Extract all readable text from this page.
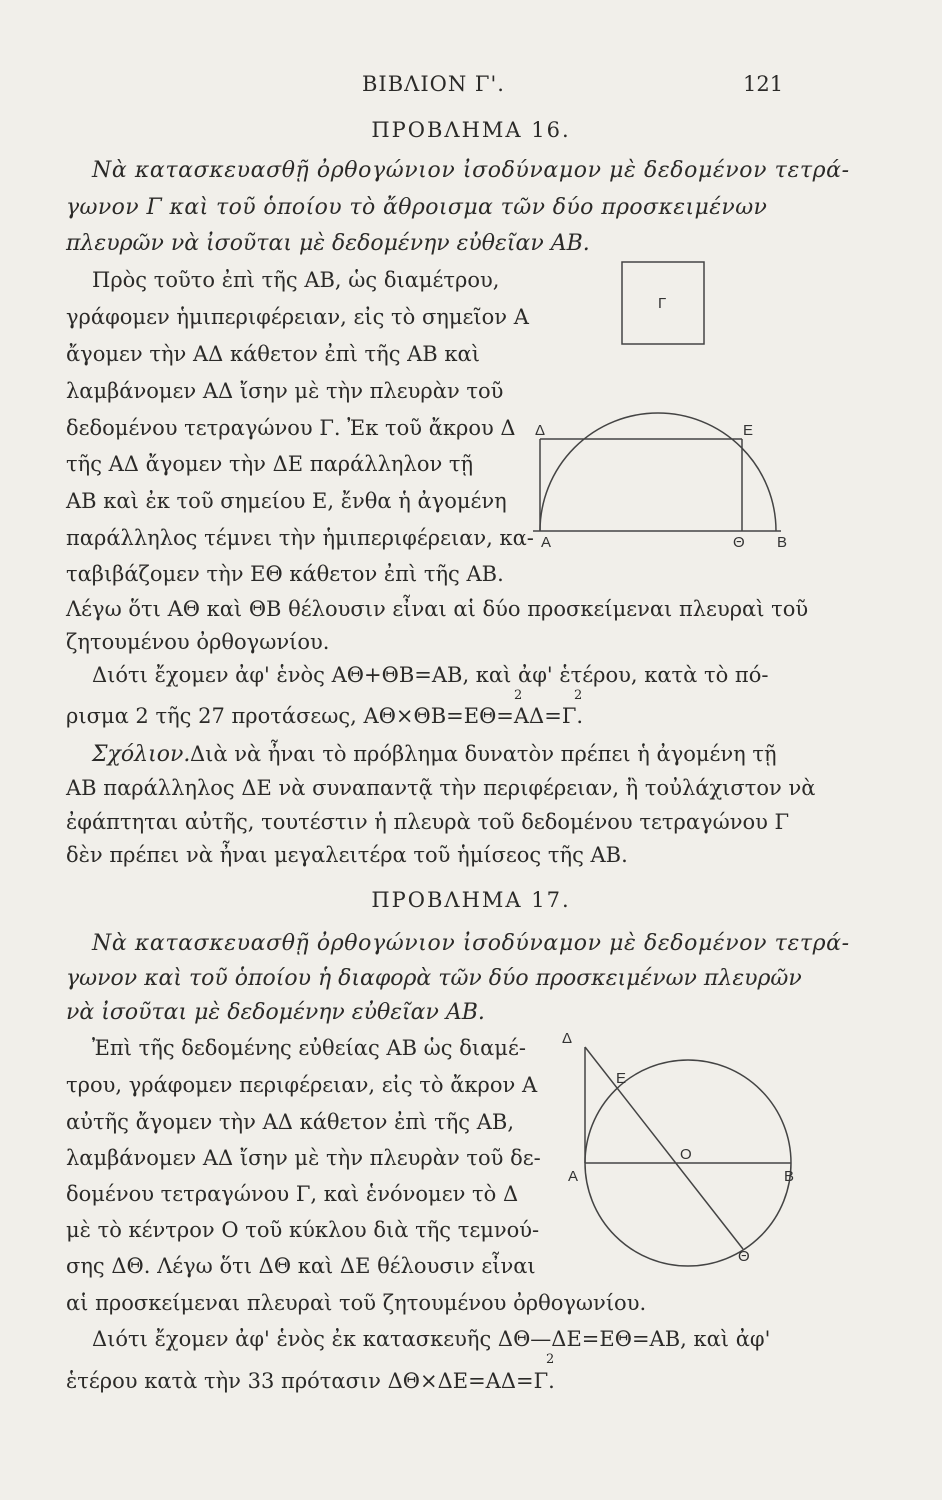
ΒΙΒΛΙΟΝ Γ'.	121
ΠΡΟΒΛΗΜΑ 16.
Νὰ κατασκευασθῇ ὀρθογώνιον ἰσοδύναμον μὲ δεδομένον τετρά-
γωνον Γ καὶ τοῦ ὁποίου τὸ ἄθροισμα τῶν δύο προσκειμένων
πλευρῶν νὰ ἰσοῦται μὲ δεδομένην εὐθεῖαν ΑΒ.
Πρὸς τοῦτο ἐπὶ τῆς ΑΒ, ὡς διαμέτρου,
γράφομεν ἡμιπεριφέρειαν, εἰς τὸ σημεῖον Α
ἄγομεν τὴν ΑΔ κάθετον ἐπὶ τῆς ΑΒ καὶ
λαμβάνομεν ΑΔ ἴσην μὲ τὴν πλευρὰν τοῦ
δεδομένου τετραγώνου Γ. Ἐκ τοῦ ἄκρου Δ
τῆς ΑΔ ἄγομεν τὴν ΔΕ παράλληλον τῇ
ΑΒ καὶ ἐκ τοῦ σημείου Ε, ἔνθα ἡ ἀγομένη
παράλληλος τέμνει τὴν ἡμιπεριφέρειαν, κα-
ταβιβάζομεν τὴν ΕΘ κάθετον ἐπὶ τῆς ΑΒ.
Λέγω ὅτι ΑΘ καὶ ΘΒ θέλουσιν εἶναι αἱ δύο προσκείμεναι πλευραὶ τοῦ
ζητουμένου ὀρθογωνίου.
Διότι ἔχομεν ἀφ' ἑνὸς ΑΘ+ΘΒ=ΑΒ, καὶ ἀφ' ἑτέρου, κατὰ τὸ πό-
2	2
ρισμα 2 τῆς 27 προτάσεως, ΑΘ×ΘΒ=ΕΘ=ΑΔ=Γ.
Σχόλιον. Διὰ νὰ ἦναι τὸ πρόβλημα δυνατὸν πρέπει ἡ ἀγομένη τῇ
ΑΒ παράλληλος ΔΕ νὰ συναπαντᾷ τὴν περιφέρειαν, ἢ τοὐλάχιστον νὰ
ἐφάπτηται αὐτῆς, τουτέστιν ἡ πλευρὰ τοῦ δεδομένου τετραγώνου Γ
δὲν πρέπει νὰ ἦναι μεγαλειτέρα τοῦ ἡμίσεος τῆς ΑΒ.
Γ
Δ	Ε
Α	Θ Β
ΠΡΟΒΛΗΜΑ 17.
Νὰ κατασκευασθῇ ὀρθογώνιον ἰσοδύναμον μὲ δεδομένον τετρά-
γωνον καὶ τοῦ ὁποίου ἡ διαφορὰ τῶν δύο προσκειμένων πλευρῶν
νὰ ἰσοῦται μὲ δεδομένην εὐθεῖαν ΑΒ.
Ἐπὶ τῆς δεδομένης εὐθείας ΑΒ ὡς διαμέ-
τρου, γράφομεν περιφέρειαν, εἰς τὸ ἄκρον Α
αὐτῆς ἄγομεν τὴν ΑΔ κάθετον ἐπὶ τῆς ΑΒ,
λαμβάνομεν ΑΔ ἴσην μὲ τὴν πλευρὰν τοῦ δε-
δομένου τετραγώνου Γ, καὶ ἑνόνομεν τὸ Δ
μὲ τὸ κέντρον Ο τοῦ κύκλου διὰ τῆς τεμνού-
σης ΔΘ. Λέγω ὅτι ΔΘ καὶ ΔΕ θέλουσιν εἶναι
αἱ προσκείμεναι πλευραὶ τοῦ ζητουμένου ὀρθογωνίου.
Διότι ἔχομεν ἀφ' ἑνὸς ἐκ κατασκευῆς ΔΘ—ΔΕ=ΕΘ=ΑΒ, καὶ ἀφ'
2
ἑτέρου κατὰ τὴν 33 πρότασιν ΔΘ×ΔΕ=ΑΔ=Γ.
Δ
Ε
Α
Ο
Β
Θ
